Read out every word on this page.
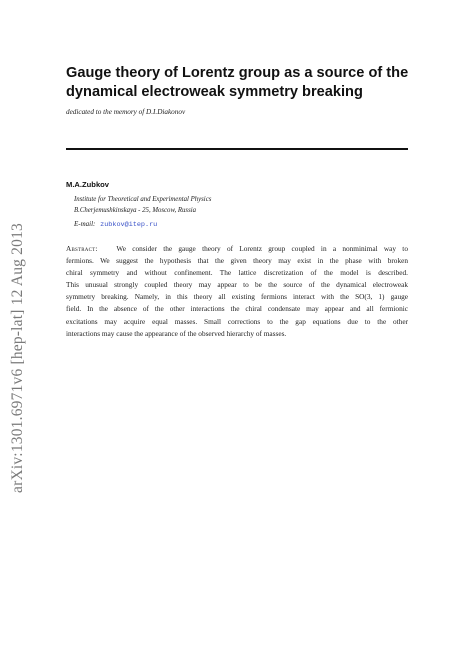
arXiv:1301.6971v6 [hep-lat] 12 Aug 2013
Gauge theory of Lorentz group as a source of the
dynamical electroweak symmetry breaking
dedicated to the memory of D.I.Diakonov
M.A.Zubkov
Institute for Theoretical and Experimental Physics
B.Cherjemushkinskaya - 25, Moscow, Russia
E-mail: zubkov@itep.ru
Abstract:	We consider the gauge theory of Lorentz group coupled in a nonminimal way to
fermions. We suggest the hypothesis that the given theory may exist in the phase with broken
chiral symmetry and without confinement. The lattice discretization of the model is described.
This unusual strongly coupled theory may appear to be the source of the dynamical electroweak
symmetry breaking. Namely, in this theory all existing fermions interact with the SO(3, 1) gauge
field. In the absence of the other interactions the chiral condensate may appear and all fermionic
excitations may acquire equal masses. Small corrections to the gap equations due to the other
interactions may cause the appearance of the observed hierarchy of masses.
